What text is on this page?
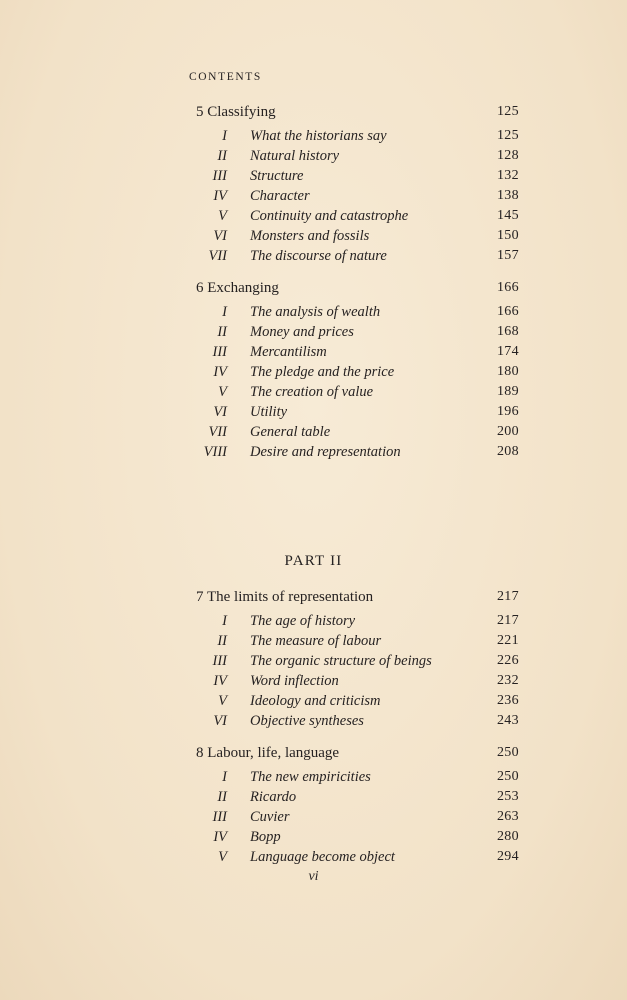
CONTENTS
5 Classifying	125
I What the historians say	125
II Natural history	128
III Structure	132
IV Character	138
V Continuity and catastrophe	145
VI Monsters and fossils	150
VII The discourse of nature	157
6 Exchanging	166
I The analysis of wealth	166
II Money and prices	168
III Mercantilism	174
IV The pledge and the price	180
V The creation of value	189
VI Utility	196
VII General table	200
VIII Desire and representation	208
PART II
7 The limits of representation	217
I The age of history	217
II The measure of labour	221
III The organic structure of beings	226
IV Word inflection	232
V Ideology and criticism	236
VI Objective syntheses	243
8 Labour, life, language	250
I The new empiricities	250
II Ricardo	253
III Cuvier	263
IV Bopp	280
V Language become object	294
vi
